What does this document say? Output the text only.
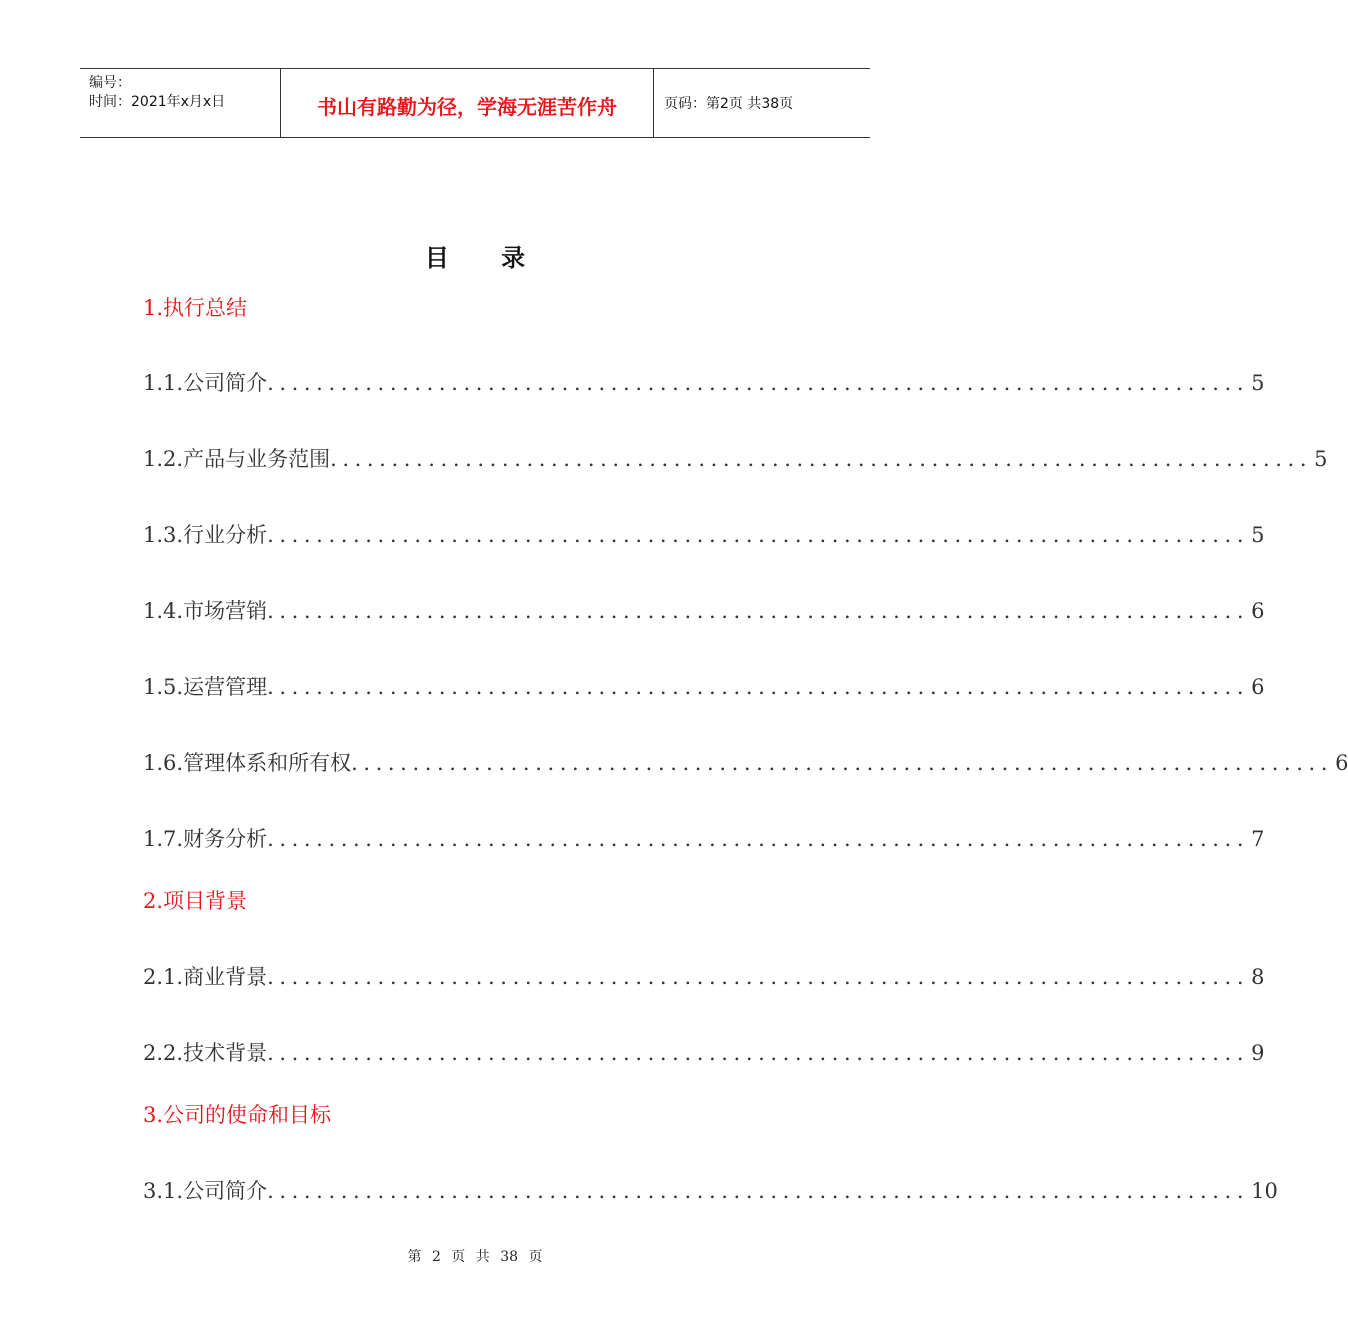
编号：
时间：2021年x月x日	书山有路勤为径，学海无涯苦作舟	页码：第2页 共38页
目 录
1.执行总结
1.1.公司简介 ................................................................................ 5
1.2.产品与业务范围 ................................................................................ 5
1.3.行业分析 ................................................................................ 5
1.4.市场营销 ................................................................................ 6
1.5.运营管理 ................................................................................ 6
1.6.管理体系和所有权 ................................................................................ 6
1.7.财务分析 ................................................................................ 7
2.项目背景
2.1.商业背景 ................................................................................ 8
2.2.技术背景 ................................................................................ 9
3.公司的使命和目标
3.1.公司简介 ................................................................................ 10
第 2 页 共 38 页
